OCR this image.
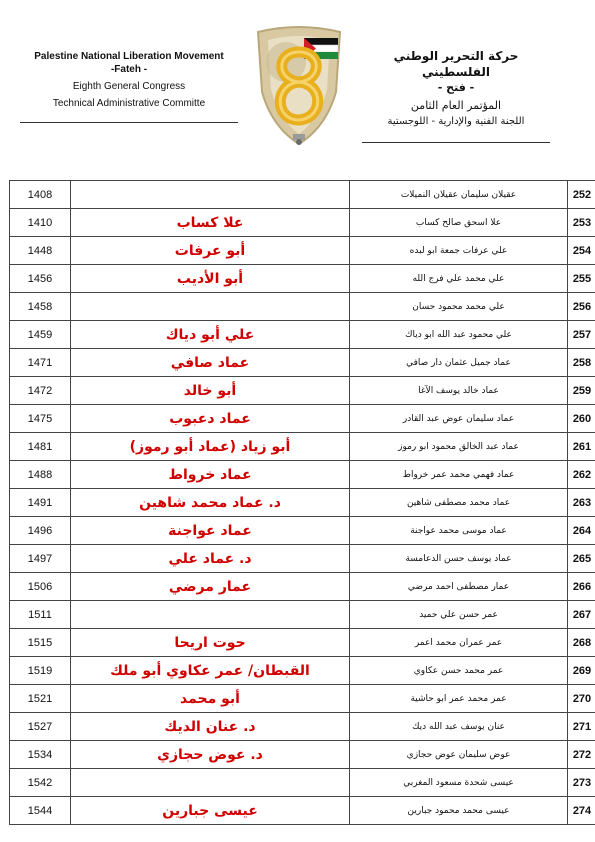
Palestine National Liberation Movement
-Fateh -
Eighth General Congress
Technical Administrative Committe
حركة التحرير الوطني الفلسطيني
- فتح -
المؤتمر العام الثامن
اللجنة الفنية والإدارية - اللوجستية
1408		عقيلان سليمان عقيلان النميلات	252
1410	علا كساب	علا اسحق صالح كساب	253
1448	أبو عرفات	علي عرفات جمعة ابو لبده	254
1456	أبو الأديب	علي محمد علي فرج الله	255
1458		علي محمد محمود حسان	256
1459	علي أبو دياك	علي محمود عبد الله ابو دياك	257
1471	عماد صافي	عماد جميل عثمان دار صافي	258
1472	أبو خالد	عماد خالد يوسف الآغا	259
1475	عماد دعبوب	عماد سليمان عوض عبد القادر	260
1481	أبو زياد (عماد أبو رموز)	عماد عبد الخالق محمود ابو رموز	261
1488	عماد خرواط	عماد فهمي محمد عمر خرواط	262
1491	د. عماد محمد شاهين	عماد محمد مصطفى شاهين	263
1496	عماد عواجنة	عماد موسى محمد عواجنة	264
1497	د. عماد علي	عماد يوسف حسن الدعامسة	265
1506	عمار مرضي	عمار مصطفى احمد مرضي	266
1511		عمر حسن علي حميد	267
1515	حوت اريحا	عمر عمران محمد اعمر	268
1519	القبطان/ عمر عكاوي أبو ملك	عمر محمد حسن عكاوي	269
1521	أبو محمد	عمر محمد عمر ابو حاشية	270
1527	د. عنان الديك	عنان يوسف عبد الله ديك	271
1534	د. عوض حجازي	عوض سليمان عوض حجازي	272
1542		عيسى شحدة مسعود المغربي	273
1544	عيسى جبارين	عيسى محمد محمود جبارين	274
